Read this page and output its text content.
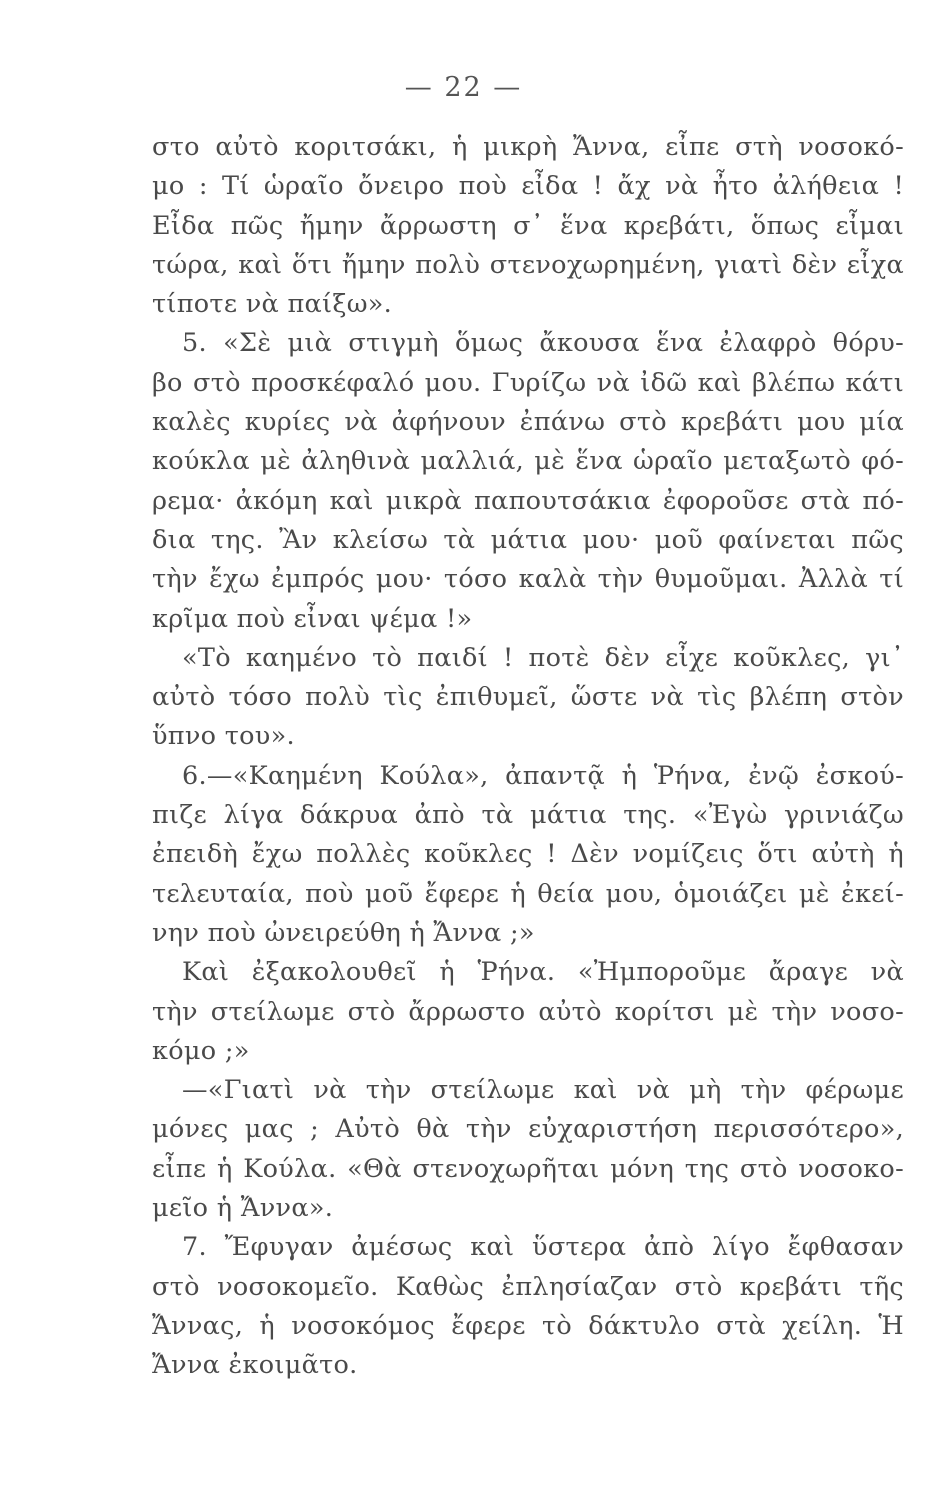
— 22 —
στο αὐτὸ κοριτσάκι, ἡ μικρὴ Ἄννα, εἶπε στὴ νοσοκό-
μο : Τί ὡραῖο ὄνειρο ποὺ εἶδα ! ἄχ νὰ ἦτο ἀλήθεια !
Εἶδα πῶς ἤμην ἄρρωστη σ᾽ ἕνα κρεβάτι, ὅπως εἶμαι
τώρα, καὶ ὅτι ἤμην πολὺ στενοχωρημένη, γιατὶ δὲν εἶχα
τίποτε νὰ παίξω».
5. «Σὲ μιὰ στιγμὴ ὅμως ἄκουσα ἕνα ἐλαφρὸ θόρυ-
βο στὸ προσκέφαλό μου. Γυρίζω νὰ ἰδῶ καὶ βλέπω κάτι
καλὲς κυρίες νὰ ἀφήνουν ἐπάνω στὸ κρεβάτι μου μία
κούκλα μὲ ἀληθινὰ μαλλιά, μὲ ἕνα ὡραῖο μεταξωτὸ φό-
ρεμα· ἀκόμη καὶ μικρὰ παπουτσάκια ἐφοροῦσε στὰ πό-
δια της. Ἂν κλείσω τὰ μάτια μου· μοῦ φαίνεται πῶς
τὴν ἔχω ἐμπρός μου· τόσο καλὰ τὴν θυμοῦμαι. Ἀλλὰ τί
κρῖμα ποὺ εἶναι ψέμα !»
«Τὸ καημένο τὸ παιδί ! ποτὲ δὲν εἶχε κοῦκλες, γι᾽
αὐτὸ τόσο πολὺ τὶς ἐπιθυμεῖ, ὥστε νὰ τὶς βλέπη στὸν
ὕπνο του».
6.—«Καημένη Κούλα», ἀπαντᾷ ἡ Ῥήνα, ἐνῷ ἐσκού-
πιζε λίγα δάκρυα ἀπὸ τὰ μάτια της. «Ἐγὼ γρινιάζω
ἐπειδὴ ἔχω πολλὲς κοῦκλες ! Δὲν νομίζεις ὅτι αὐτὴ ἡ
τελευταία, ποὺ μοῦ ἔφερε ἡ θεία μου, ὁμοιάζει μὲ ἐκεί-
νην ποὺ ὠνειρεύθη ἡ Ἄννα ;»
Καὶ ἐξακολουθεῖ ἡ Ῥήνα. «Ἠμποροῦμε ἄραγε νὰ
τὴν στείλωμε στὸ ἄρρωστο αὐτὸ κορίτσι μὲ τὴν νοσο-
κόμο ;»
—«Γιατὶ νὰ τὴν στείλωμε καὶ νὰ μὴ τὴν φέρωμε
μόνες μας ; Αὐτὸ θὰ τὴν εὐχαριστήση περισσότερο»,
εἶπε ἡ Κούλα. «Θὰ στενοχωρῆται μόνη της στὸ νοσοκο-
μεῖο ἡ Ἄννα».
7. Ἔφυγαν ἀμέσως καὶ ὕστερα ἀπὸ λίγο ἔφθασαν
στὸ νοσοκομεῖο. Καθὼς ἐπλησίαζαν στὸ κρεβάτι τῆς
Ἄννας, ἡ νοσοκόμος ἔφερε τὸ δάκτυλο στὰ χείλη. Ἡ
Ἄννα ἐκοιμᾶτο.
